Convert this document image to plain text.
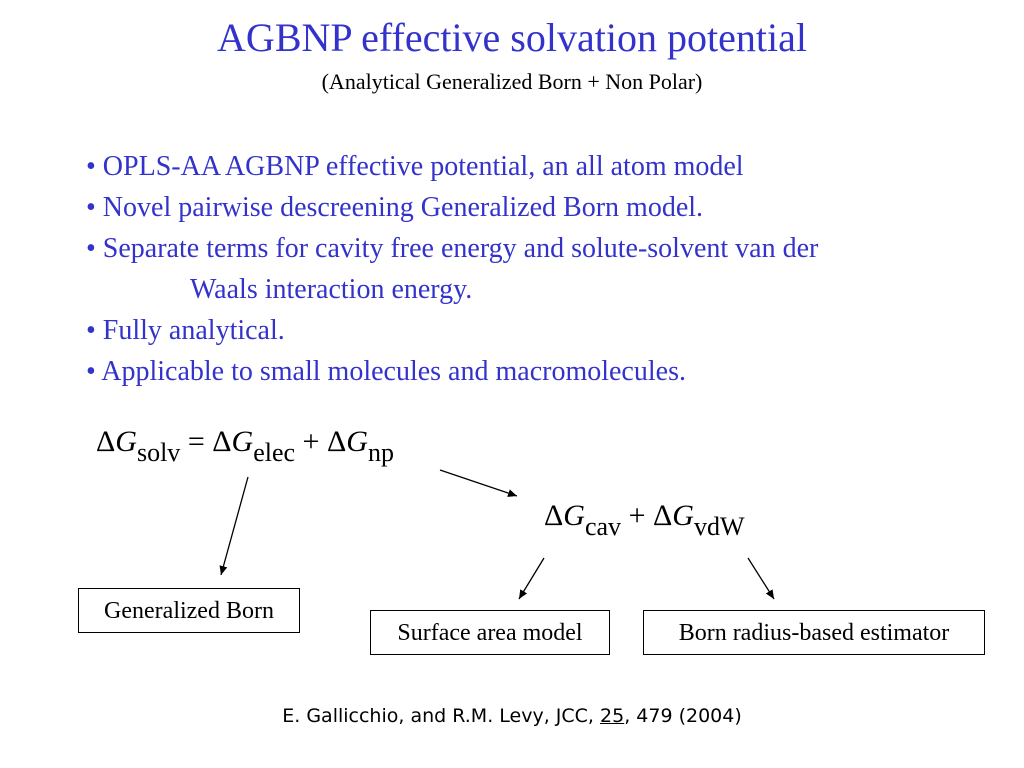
AGBNP effective solvation potential
(Analytical Generalized Born + Non Polar)
• OPLS-AA AGBNP effective potential, an all atom model
• Novel pairwise descreening Generalized Born model.
• Separate terms for cavity free energy and solute-solvent van der
Waals interaction energy.
• Fully analytical.
• Applicable to small molecules and macromolecules.
ΔGsolv = ΔGelec + ΔGnp
ΔGcav + ΔGvdW
Generalized Born
Surface area model	Born radius-based estimator
E. Gallicchio, and R.M. Levy, JCC, 25, 479 (2004)
